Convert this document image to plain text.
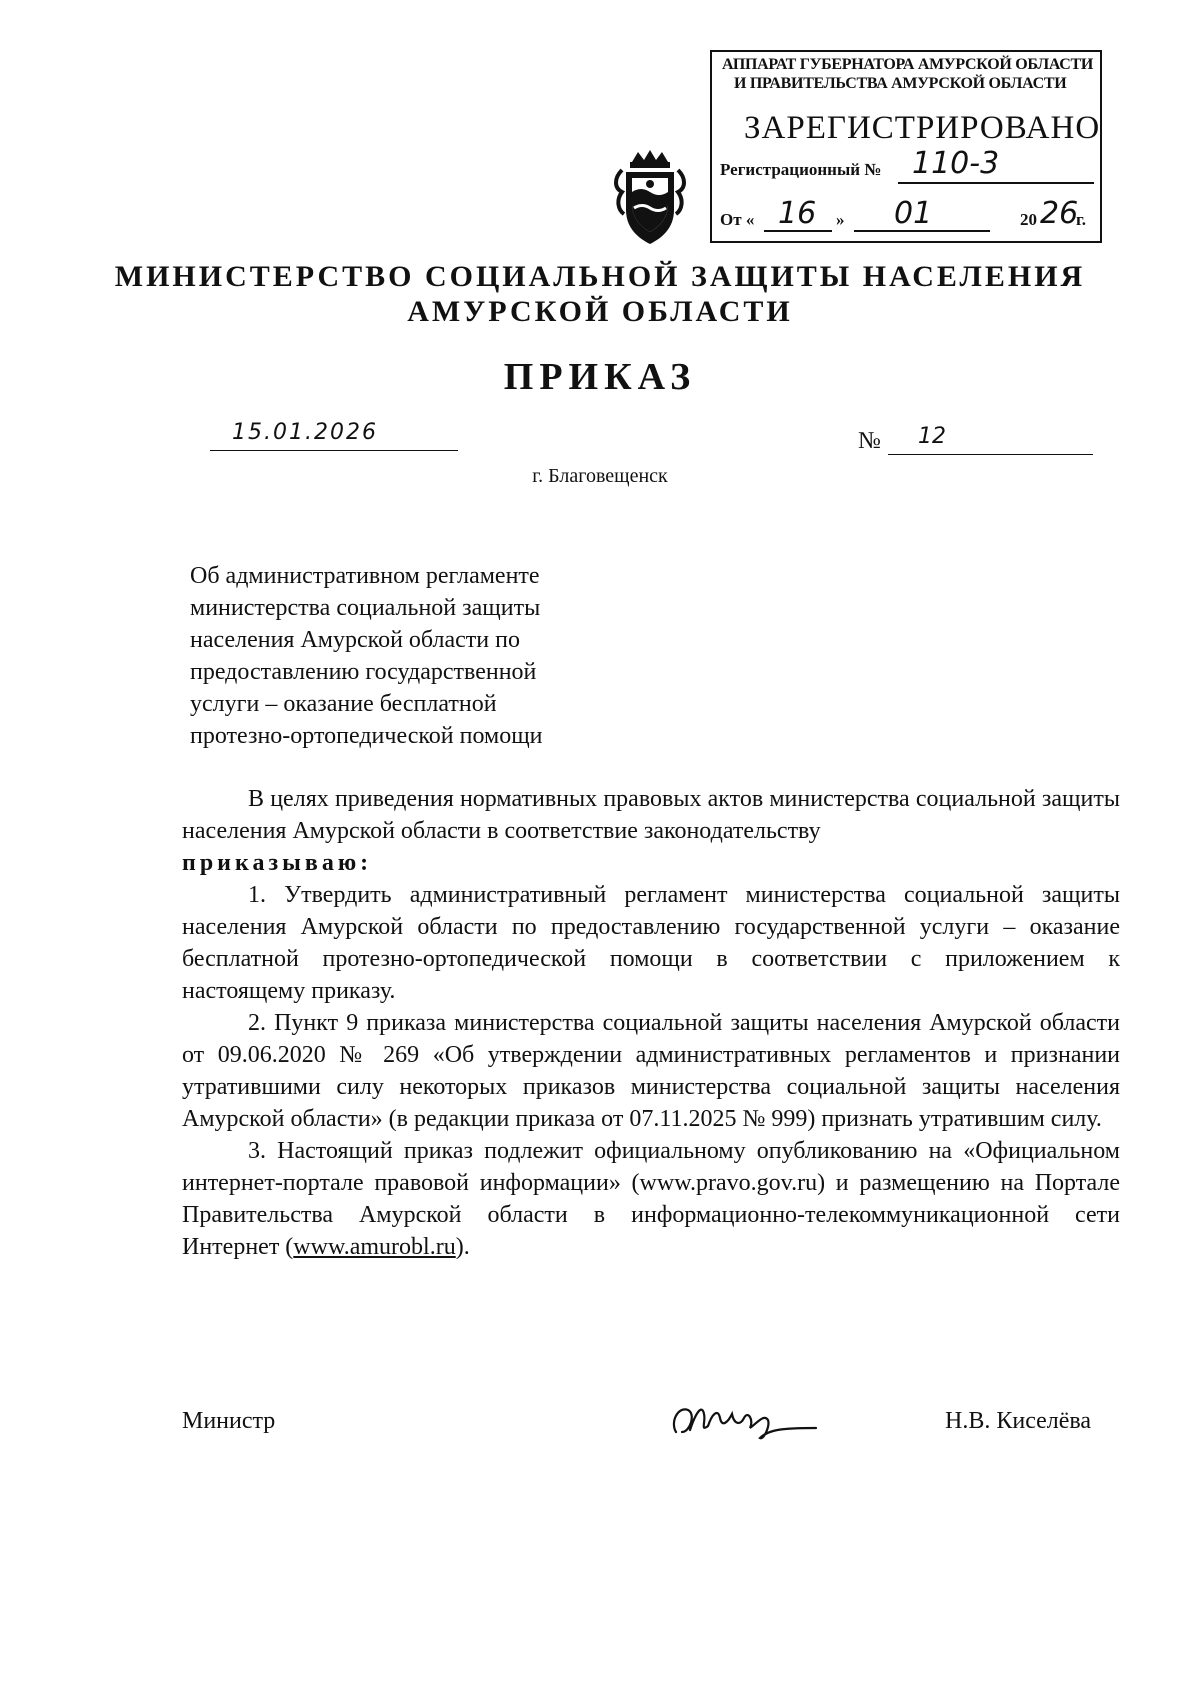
АППАРАТ ГУБЕРНАТОРА АМУРСКОЙ ОБЛАСТИ
И ПРАВИТЕЛЬСТВА АМУРСКОЙ ОБЛАСТИ
ЗАРЕГИСТРИРОВАНО
Регистрационный № 110-3
От « 16 » 01	20 26
г.
МИНИСТЕРСТВО СОЦИАЛЬНОЙ ЗАЩИТЫ НАСЕЛЕНИЯ
АМУРСКОЙ ОБЛАСТИ
ПРИКАЗ
15.01.2026	№	12
г. Благовещенск
Об административном регламенте
министерства социальной защиты
населения Амурской области по
предоставлению государственной
услуги – оказание бесплатной
протезно-ортопедической помощи
В целях приведения нормативных правовых актов министерства социальной защиты населения Амурской области в соответствие законодательству
приказываю:
1. Утвердить административный регламент министерства социальной защиты населения Амурской области по предоставлению государственной услуги – оказание бесплатной протезно-ортопедической помощи в соответствии с приложением к настоящему приказу.
2. Пункт 9 приказа министерства социальной защиты населения Амурской области от 09.06.2020 № 269 «Об утверждении административных регламентов и признании утратившими силу некоторых приказов министерства социальной защиты населения Амурской области» (в редакции приказа от 07.11.2025 № 999) признать утратившим силу.
3. Настоящий приказ подлежит официальному опубликованию на «Официальном интернет-портале правовой информации» (www.pravo.gov.ru) и размещению на Портале Правительства Амурской области в информационно-телекоммуникационной сети Интернет (www.amurobl.ru).
Министр	Н.В. Киселёва
